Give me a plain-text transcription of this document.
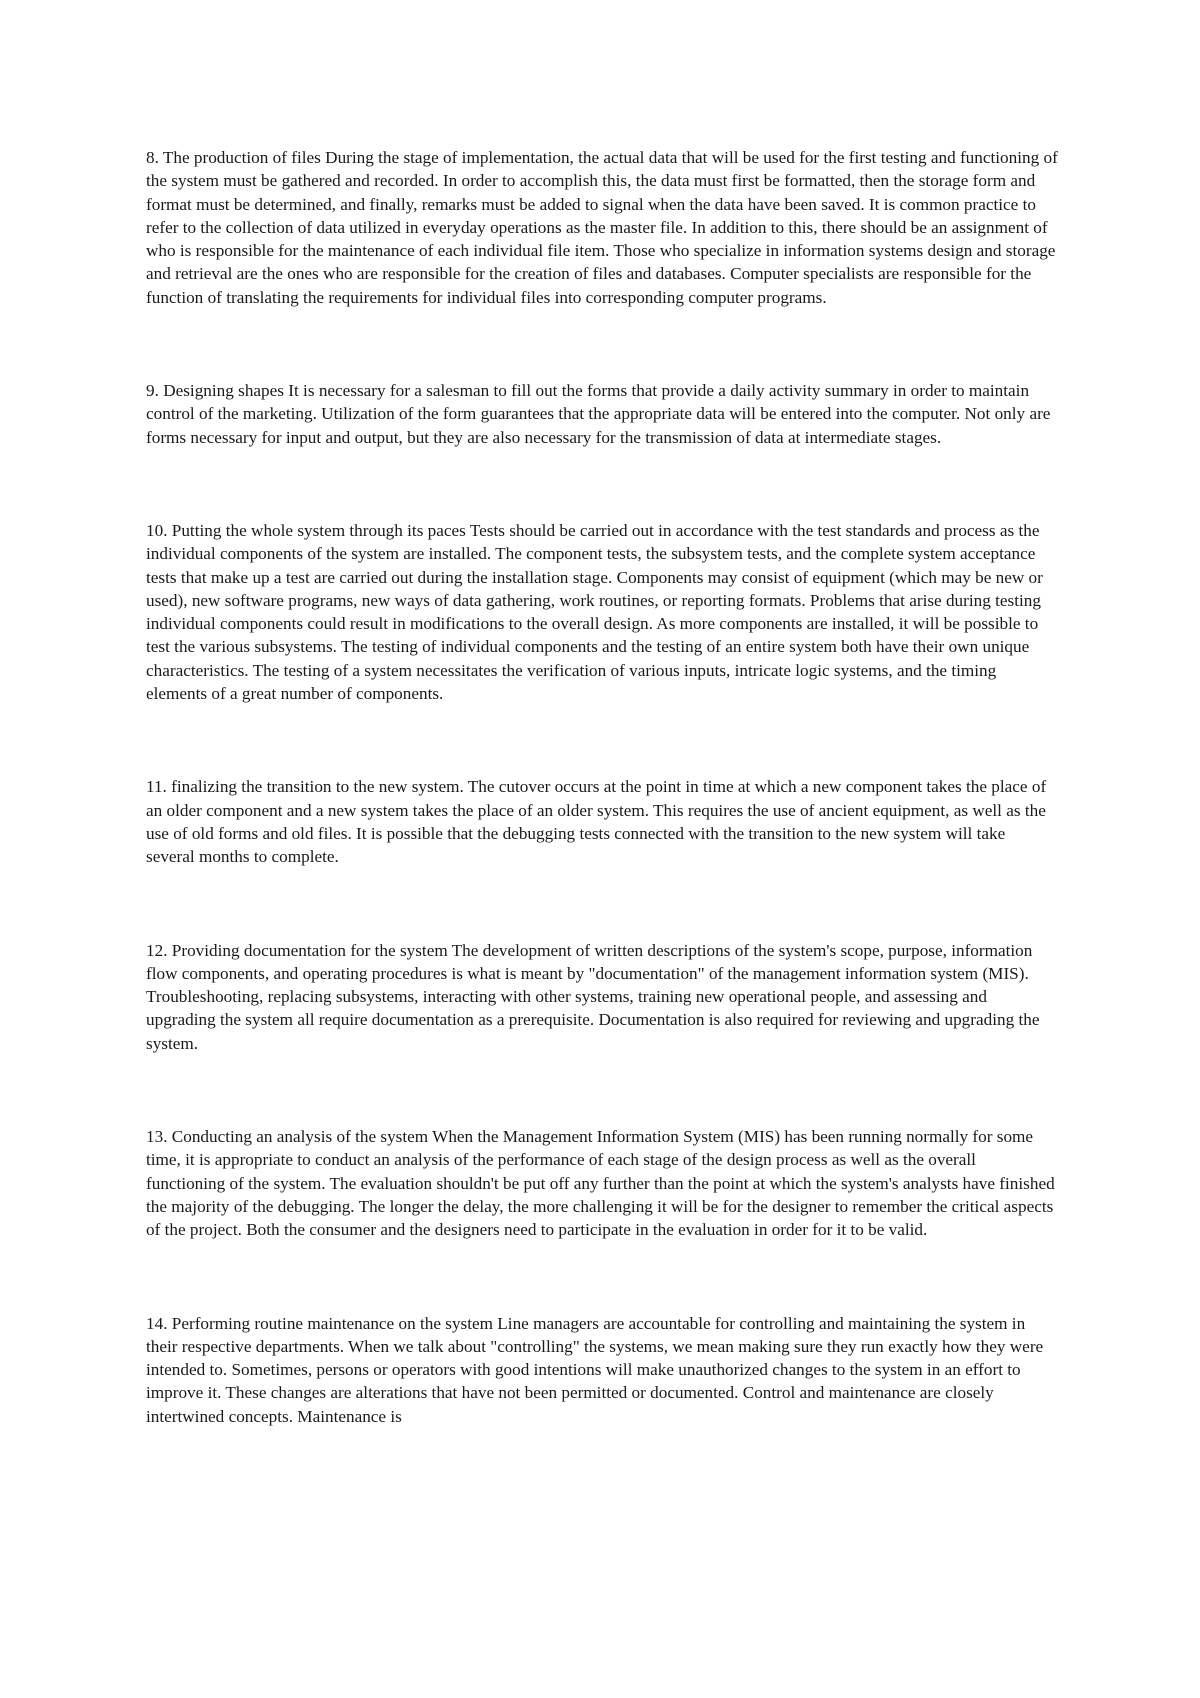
8. The production of files During the stage of implementation, the actual data that will be used for the first testing and functioning of the system must be gathered and recorded. In order to accomplish this, the data must first be formatted, then the storage form and format must be determined, and finally, remarks must be added to signal when the data have been saved. It is common practice to refer to the collection of data utilized in everyday operations as the master file. In addition to this, there should be an assignment of who is responsible for the maintenance of each individual file item. Those who specialize in information systems design and storage and retrieval are the ones who are responsible for the creation of files and databases. Computer specialists are responsible for the function of translating the requirements for individual files into corresponding computer programs.

9. Designing shapes It is necessary for a salesman to fill out the forms that provide a daily activity summary in order to maintain control of the marketing. Utilization of the form guarantees that the appropriate data will be entered into the computer. Not only are forms necessary for input and output, but they are also necessary for the transmission of data at intermediate stages.

10. Putting the whole system through its paces Tests should be carried out in accordance with the test standards and process as the individual components of the system are installed. The component tests, the subsystem tests, and the complete system acceptance tests that make up a test are carried out during the installation stage. Components may consist of equipment (which may be new or used), new software programs, new ways of data gathering, work routines, or reporting formats. Problems that arise during testing individual components could result in modifications to the overall design. As more components are installed, it will be possible to test the various subsystems. The testing of individual components and the testing of an entire system both have their own unique characteristics. The testing of a system necessitates the verification of various inputs, intricate logic systems, and the timing elements of a great number of components.

11. finalizing the transition to the new system. The cutover occurs at the point in time at which a new component takes the place of an older component and a new system takes the place of an older system. This requires the use of ancient equipment, as well as the use of old forms and old files. It is possible that the debugging tests connected with the transition to the new system will take several months to complete.

12. Providing documentation for the system The development of written descriptions of the system's scope, purpose, information flow components, and operating procedures is what is meant by "documentation" of the management information system (MIS). Troubleshooting, replacing subsystems, interacting with other systems, training new operational people, and assessing and upgrading the system all require documentation as a prerequisite. Documentation is also required for reviewing and upgrading the system.

13. Conducting an analysis of the system When the Management Information System (MIS) has been running normally for some time, it is appropriate to conduct an analysis of the performance of each stage of the design process as well as the overall functioning of the system. The evaluation shouldn't be put off any further than the point at which the system's analysts have finished the majority of the debugging. The longer the delay, the more challenging it will be for the designer to remember the critical aspects of the project. Both the consumer and the designers need to participate in the evaluation in order for it to be valid.

14. Performing routine maintenance on the system Line managers are accountable for controlling and maintaining the system in their respective departments. When we talk about "controlling" the systems, we mean making sure they run exactly how they were intended to. Sometimes, persons or operators with good intentions will make unauthorized changes to the system in an effort to improve it. These changes are alterations that have not been permitted or documented. Control and maintenance are closely intertwined concepts. Maintenance is
